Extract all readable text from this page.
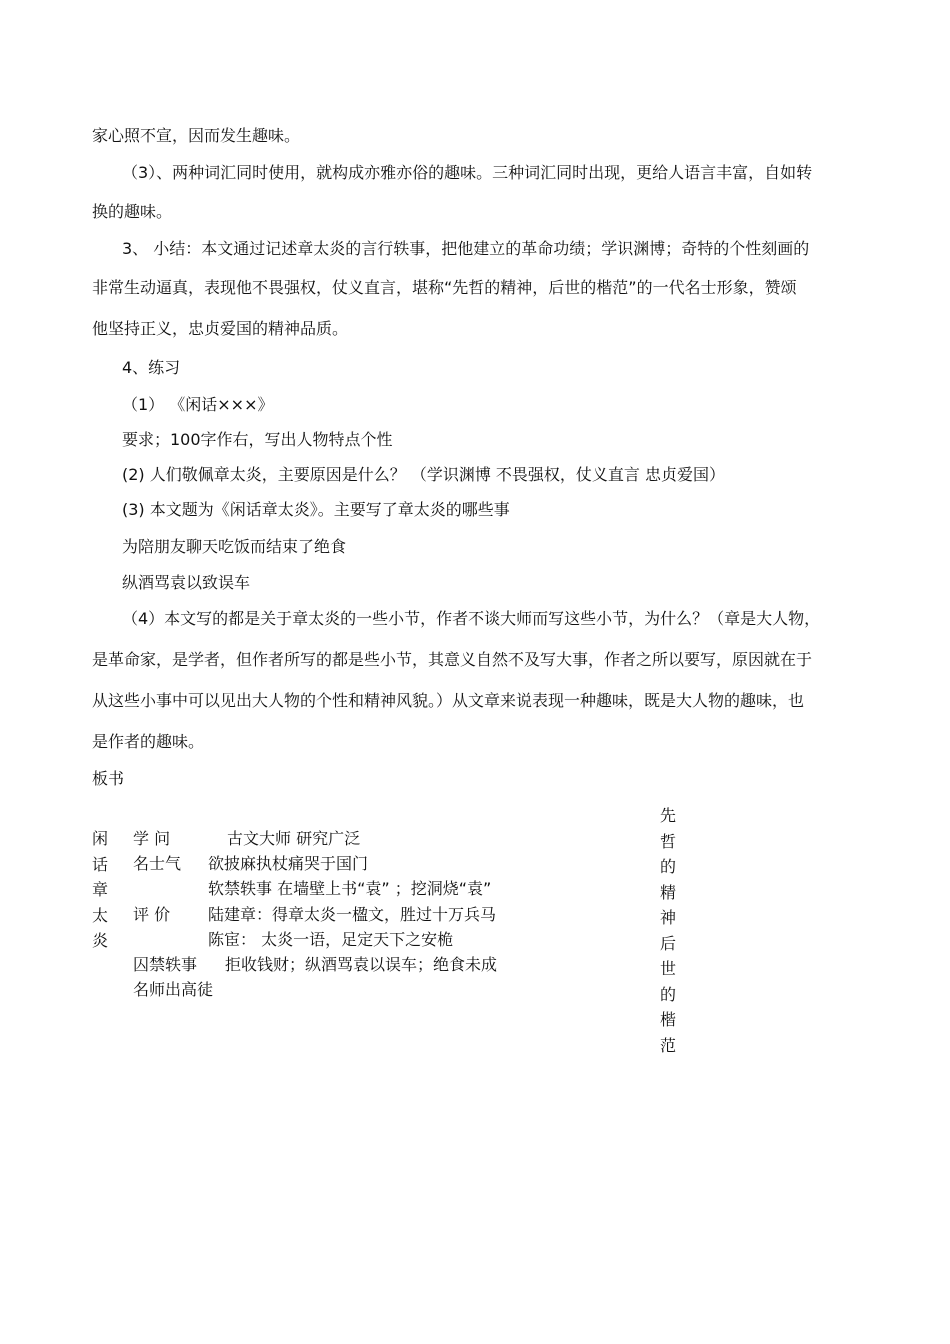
家心照不宣，因而发生趣味。
（3）、两种词汇同时使用，就构成亦雅亦俗的趣味。三种词汇同时出现，更给人语言丰富，自如转
换的趣味。
3、 小结：本文通过记述章太炎的言行轶事，把他建立的革命功绩；学识渊博；奇特的个性刻画的
非常生动逼真，表现他不畏强权，仗义直言，堪称“先哲的精神，后世的楷范”的一代名士形象，赞颂
他坚持正义，忠贞爱国的精神品质。
4、练习
（1） 《闲话×××》
要求；100字作右，写出人物特点个性
(2) 人们敬佩章太炎，主要原因是什么？ （学识渊博 不畏强权，仗义直言 忠贞爱国）
(3) 本文题为《闲话章太炎》。主要写了章太炎的哪些事
为陪朋友聊天吃饭而结束了绝食
纵酒骂袁以致误车
（4）本文写的都是关于章太炎的一些小节，作者不谈大师而写这些小节，为什么？（章是大人物，
是革命家，是学者，但作者所写的都是些小节，其意义自然不及写大事，作者之所以要写，原因就在于
从这些小事中可以见出大人物的个性和精神风貌。）从文章来说表现一种趣味，既是大人物的趣味，也
是作者的趣味。
板书
闲
话
章
太
炎
学 问
名士气
评 价
囚禁轶事
名师出高徒
古文大师 研究广泛
欲披麻执杖痛哭于国门
软禁轶事 在墙壁上书“袁” ；挖洞烧“袁”
陆建章：得章太炎一楹文，胜过十万兵马
陈宦： 太炎一语，足定天下之安桅
拒收钱财；纵酒骂袁以误车；绝食未成
先
哲
的
精
神
后
世
的
楷
范
